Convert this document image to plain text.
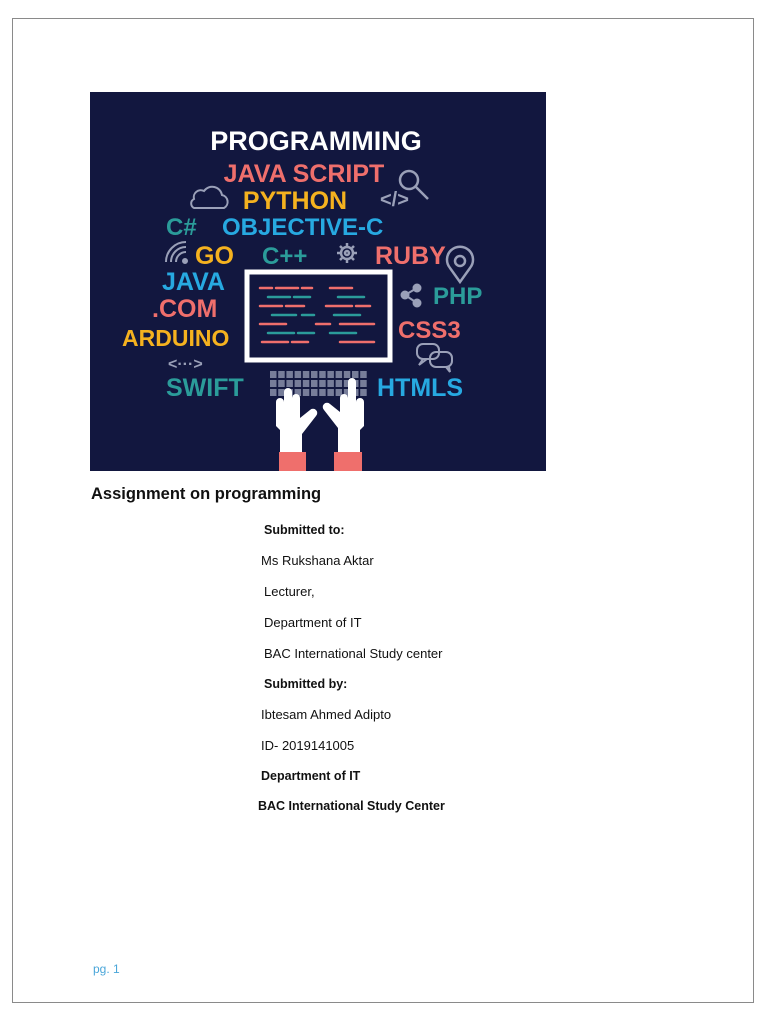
PROGRAMMING
JAVA SCRIPT
PYTHON </>
C# OBJECTIVE-C
GO C++	RUBY
JAVA
.COM	PHP
ARDUINO	CSS3
<···>
SWIFT	HTMLS
Assignment on programming
Submitted to:
Ms Rukshana Aktar
Lecturer,
Department of IT
BAC International Study center
Submitted by:
Ibtesam Ahmed Adipto
ID- 2019141005
Department of IT
BAC International Study Center
pg. 1
